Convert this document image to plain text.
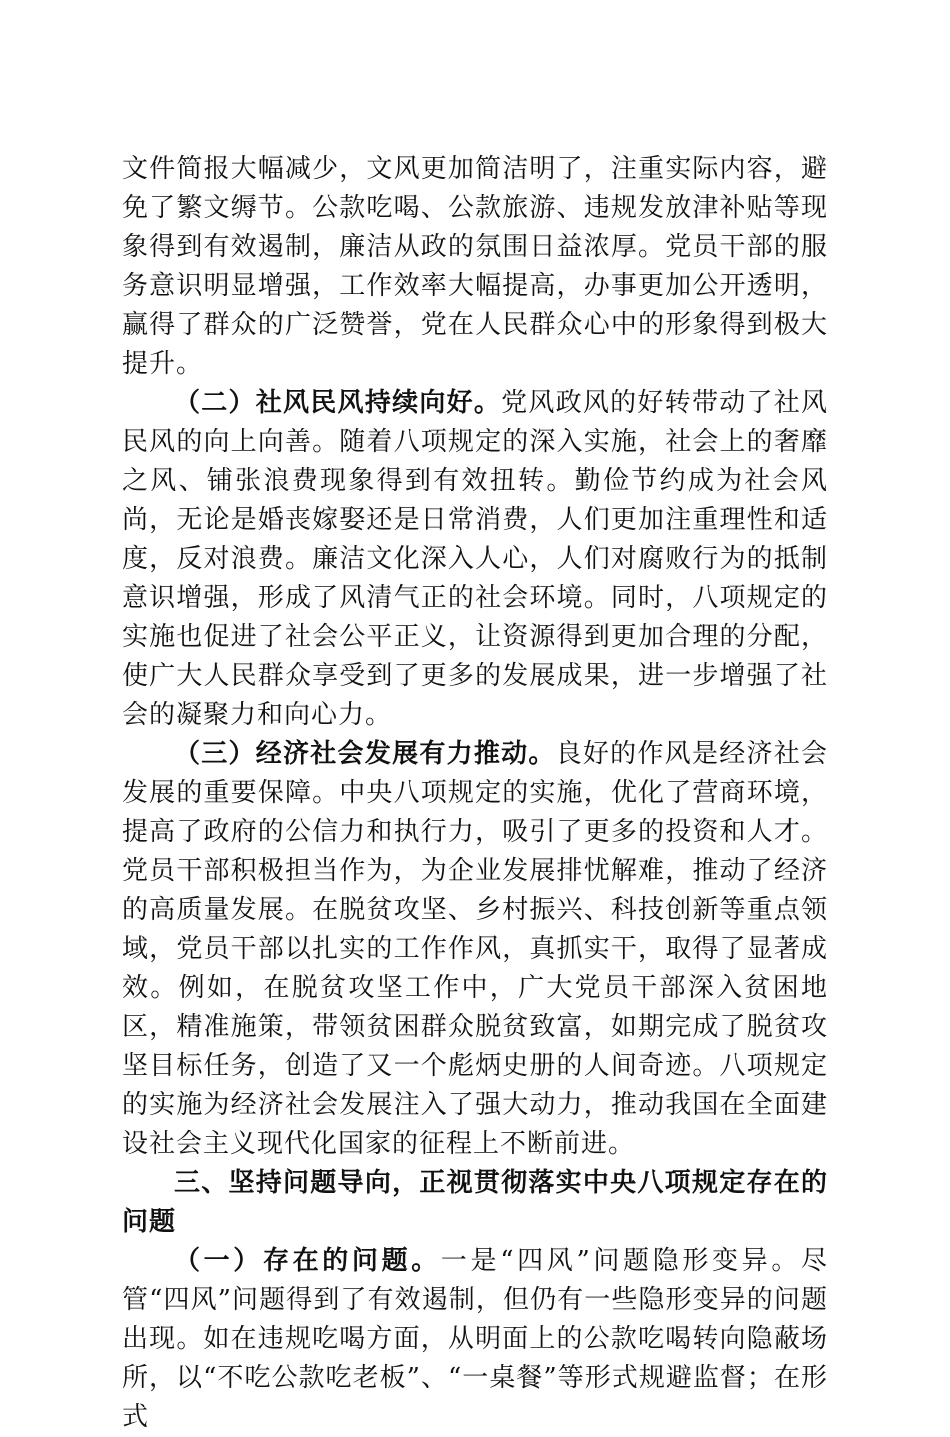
文件简报大幅减少，文风更加简洁明了，注重实际内容，避免了繁文缛节。公款吃喝、公款旅游、违规发放津补贴等现象得到有效遏制，廉洁从政的氛围日益浓厚。党员干部的服务意识明显增强，工作效率大幅提高，办事更加公开透明，赢得了群众的广泛赞誉，党在人民群众心中的形象得到极大提升。

（二）社风民风持续向好。党风政风的好转带动了社风民风的向上向善。随着八项规定的深入实施，社会上的奢靡之风、铺张浪费现象得到有效扭转。勤俭节约成为社会风尚，无论是婚丧嫁娶还是日常消费，人们更加注重理性和适度，反对浪费。廉洁文化深入人心，人们对腐败行为的抵制意识增强，形成了风清气正的社会环境。同时，八项规定的实施也促进了社会公平正义，让资源得到更加合理的分配，使广大人民群众享受到了更多的发展成果，进一步增强了社会的凝聚力和向心力。

（三）经济社会发展有力推动。良好的作风是经济社会发展的重要保障。中央八项规定的实施，优化了营商环境，提高了政府的公信力和执行力，吸引了更多的投资和人才。党员干部积极担当作为，为企业发展排忧解难，推动了经济的高质量发展。在脱贫攻坚、乡村振兴、科技创新等重点领域，党员干部以扎实的工作作风，真抓实干，取得了显著成效。例如，在脱贫攻坚工作中，广大党员干部深入贫困地区，精准施策，带领贫困群众脱贫致富，如期完成了脱贫攻坚目标任务，创造了又一个彪炳史册的人间奇迹。八项规定的实施为经济社会发展注入了强大动力，推动我国在全面建设社会主义现代化国家的征程上不断前进。

三、坚持问题导向，正视贯彻落实中央八项规定存在的问题

（一）存在的问题。一是“四风”问题隐形变异。尽管“四风”问题得到了有效遏制，但仍有一些隐形变异的问题出现。如在违规吃喝方面，从明面上的公款吃喝转向隐蔽场所，以“不吃公款吃老板”、“一桌餐”等形式规避监督；在形式
